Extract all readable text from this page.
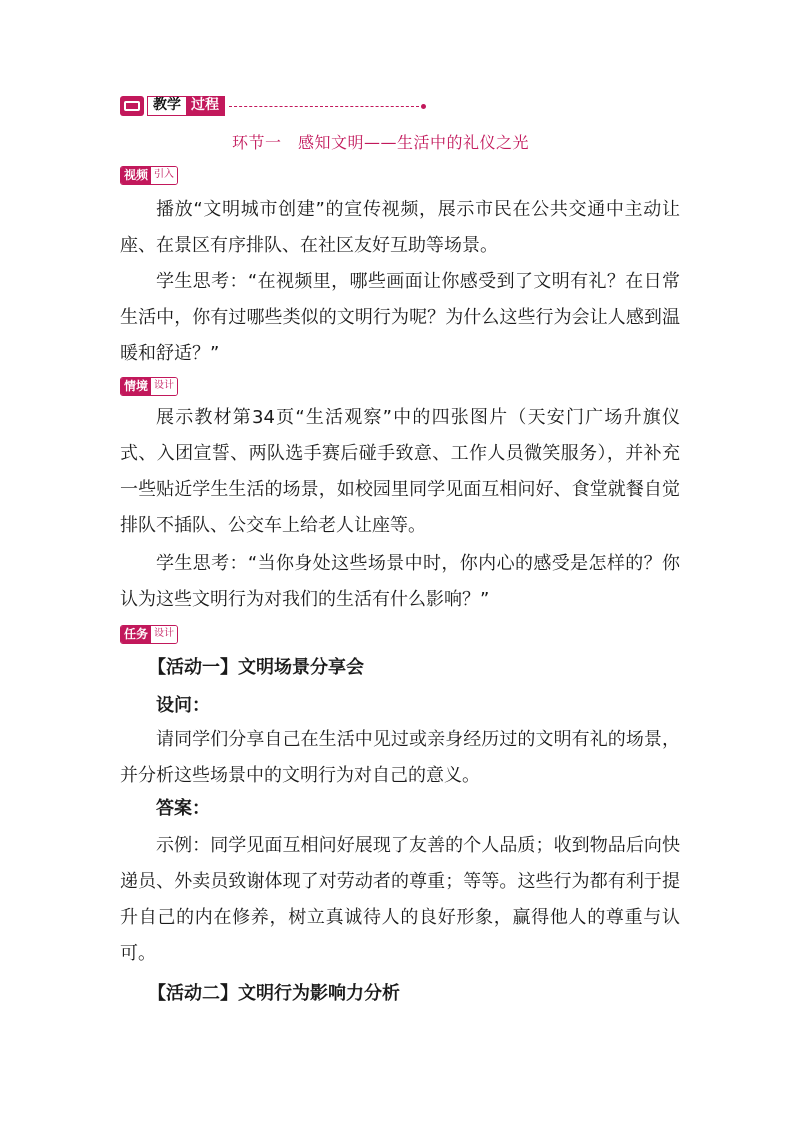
教学 过程
环节一　感知文明——生活中的礼仪之光
视频 引入

播放“文明城市创建”的宣传视频，展示市民在公共交通中主动让座、在景区有序排队、在社区友好互助等场景。

学生思考：“在视频里，哪些画面让你感受到了文明有礼？在日常生活中，你有过哪些类似的文明行为呢？为什么这些行为会让人感到温暖和舒适？”

情境 设计

展示教材第34页“生活观察”中的四张图片（天安门广场升旗仪式、入团宣誓、两队选手赛后碰手致意、工作人员微笑服务），并补充一些贴近学生生活的场景，如校园里同学见面互相问好、食堂就餐自觉排队不插队、公交车上给老人让座等。

学生思考：“当你身处这些场景中时，你内心的感受是怎样的？你认为这些文明行为对我们的生活有什么影响？”

任务 设计
【活动一】文明场景分享会
设问：

请同学们分享自己在生活中见过或亲身经历过的文明有礼的场景，并分析这些场景中的文明行为对自己的意义。

答案：

示例：同学见面互相问好展现了友善的个人品质；收到物品后向快递员、外卖员致谢体现了对劳动者的尊重；等等。这些行为都有利于提升自己的内在修养，树立真诚待人的良好形象，赢得他人的尊重与认可。

【活动二】文明行为影响力分析
